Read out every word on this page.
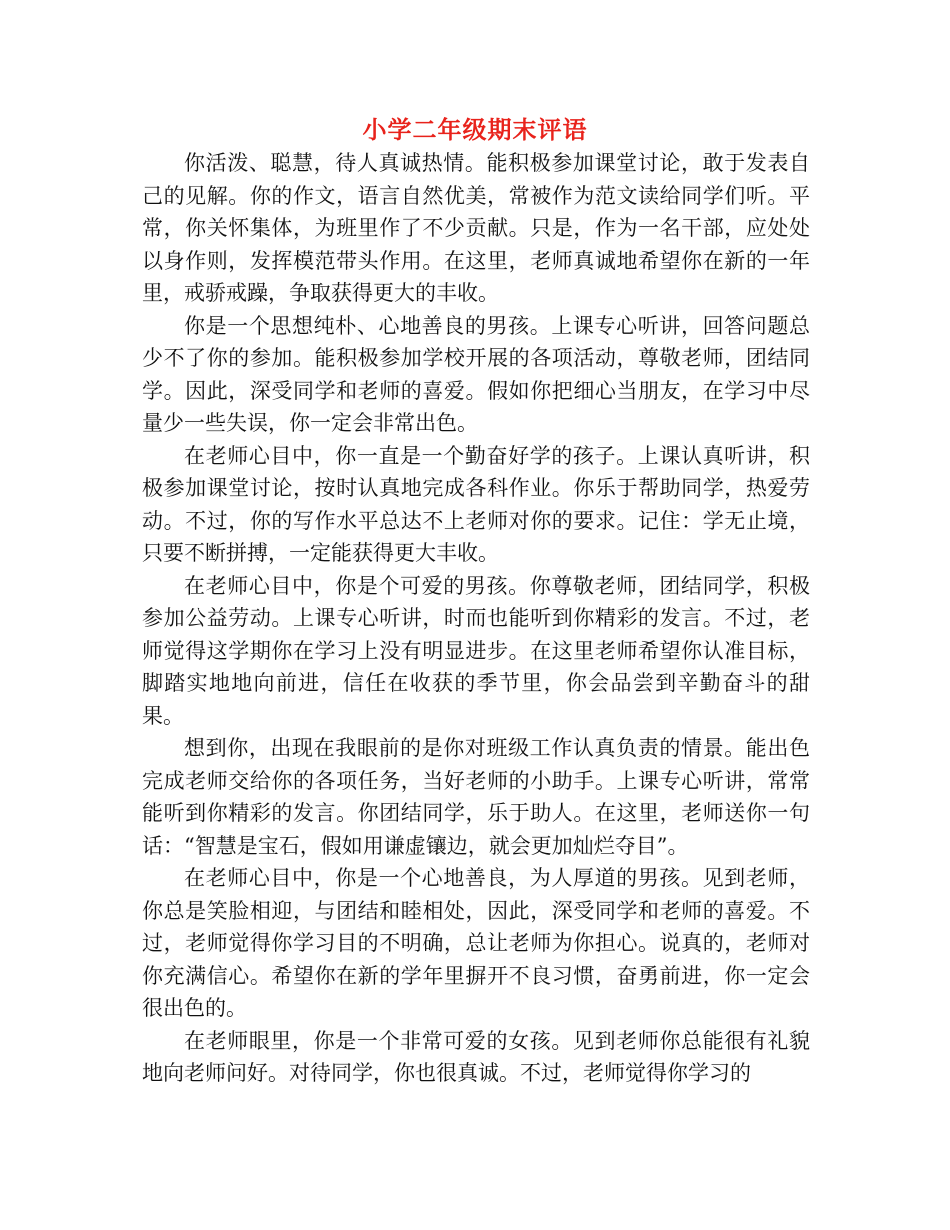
小学二年级期末评语

你活泼、聪慧，待人真诚热情。能积极参加课堂讨论，敢于发表自己的见解。你的作文，语言自然优美，常被作为范文读给同学们听。平常，你关怀集体，为班里作了不少贡献。只是，作为一名干部，应处处以身作则，发挥模范带头作用。在这里，老师真诚地希望你在新的一年里，戒骄戒躁，争取获得更大的丰收。

你是一个思想纯朴、心地善良的男孩。上课专心听讲，回答问题总少不了你的参加。能积极参加学校开展的各项活动，尊敬老师，团结同学。因此，深受同学和老师的喜爱。假如你把细心当朋友，在学习中尽量少一些失误，你一定会非常出色。

在老师心目中，你一直是一个勤奋好学的孩子。上课认真听讲，积极参加课堂讨论，按时认真地完成各科作业。你乐于帮助同学，热爱劳动。不过，你的写作水平总达不上老师对你的要求。记住：学无止境，只要不断拼搏，一定能获得更大丰收。

在老师心目中，你是个可爱的男孩。你尊敬老师，团结同学，积极参加公益劳动。上课专心听讲，时而也能听到你精彩的发言。不过，老师觉得这学期你在学习上没有明显进步。在这里老师希望你认准目标，脚踏实地地向前进，信任在收获的季节里，你会品尝到辛勤奋斗的甜果。

想到你，出现在我眼前的是你对班级工作认真负责的情景。能出色完成老师交给你的各项任务，当好老师的小助手。上课专心听讲，常常能听到你精彩的发言。你团结同学，乐于助人。在这里，老师送你一句话：“智慧是宝石，假如用谦虚镶边，就会更加灿烂夺目”。

在老师心目中，你是一个心地善良，为人厚道的男孩。见到老师，你总是笑脸相迎，与团结和睦相处，因此，深受同学和老师的喜爱。不过，老师觉得你学习目的不明确，总让老师为你担心。说真的，老师对你充满信心。希望你在新的学年里摒开不良习惯，奋勇前进，你一定会很出色的。

在老师眼里，你是一个非常可爱的女孩。见到老师你总能很有礼貌地向老师问好。对待同学，你也很真诚。不过，老师觉得你学习的
